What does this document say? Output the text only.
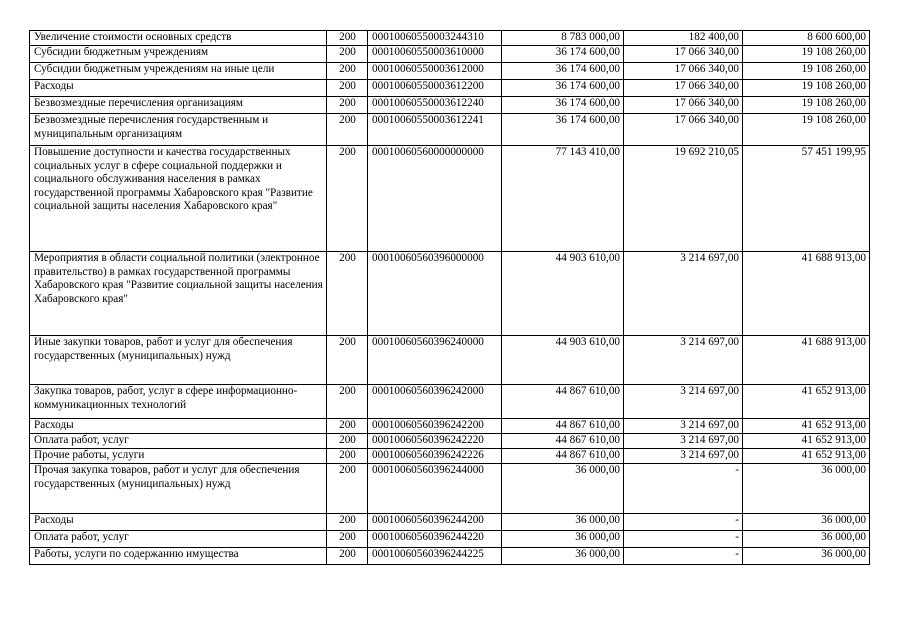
Увеличение стоимости основных средств	200	00010060550003244310	8 783 000,00	182 400,00	8 600 600,00
Субсидии бюджетным учреждениям	200	00010060550003610000	36 174 600,00	17 066 340,00	19 108 260,00
Субсидии бюджетным учреждениям на иные цели	200	00010060550003612000	36 174 600,00	17 066 340,00	19 108 260,00
Расходы	200	00010060550003612200	36 174 600,00	17 066 340,00	19 108 260,00
Безвозмездные перечисления организациям	200	00010060550003612240	36 174 600,00	17 066 340,00	19 108 260,00
Безвозмездные перечисления государственным и муниципальным организациям	200	00010060550003612241	36 174 600,00	17 066 340,00	19 108 260,00
Повышение доступности и качества государственных социальных услуг в сфере социальной поддержки и социального обслуживания населения в рамках государственной программы Хабаровского края "Развитие социальной защиты населения Хабаровского края"	200	00010060560000000000	77 143 410,00	19 692 210,05	57 451 199,95
Мероприятия в области социальной политики (электронное правительство) в рамках государственной программы Хабаровского края "Развитие социальной защиты населения Хабаровского края"	200	00010060560396000000	44 903 610,00	3 214 697,00	41 688 913,00
Иные закупки товаров, работ и услуг для обеспечения государственных (муниципальных) нужд	200	00010060560396240000	44 903 610,00	3 214 697,00	41 688 913,00
Закупка товаров, работ, услуг в сфере информационно-коммуникационных технологий	200	00010060560396242000	44 867 610,00	3 214 697,00	41 652 913,00
Расходы	200	00010060560396242200	44 867 610,00	3 214 697,00	41 652 913,00
Оплата работ, услуг	200	00010060560396242220	44 867 610,00	3 214 697,00	41 652 913,00
Прочие работы, услуги	200	00010060560396242226	44 867 610,00	3 214 697,00	41 652 913,00
Прочая закупка товаров, работ и услуг для обеспечения государственных (муниципальных) нужд	200	00010060560396244000	36 000,00	-	36 000,00
Расходы	200	00010060560396244200	36 000,00	-	36 000,00
Оплата работ, услуг	200	00010060560396244220	36 000,00	-	36 000,00
Работы, услуги по содержанию имущества	200	00010060560396244225	36 000,00	-	36 000,00
